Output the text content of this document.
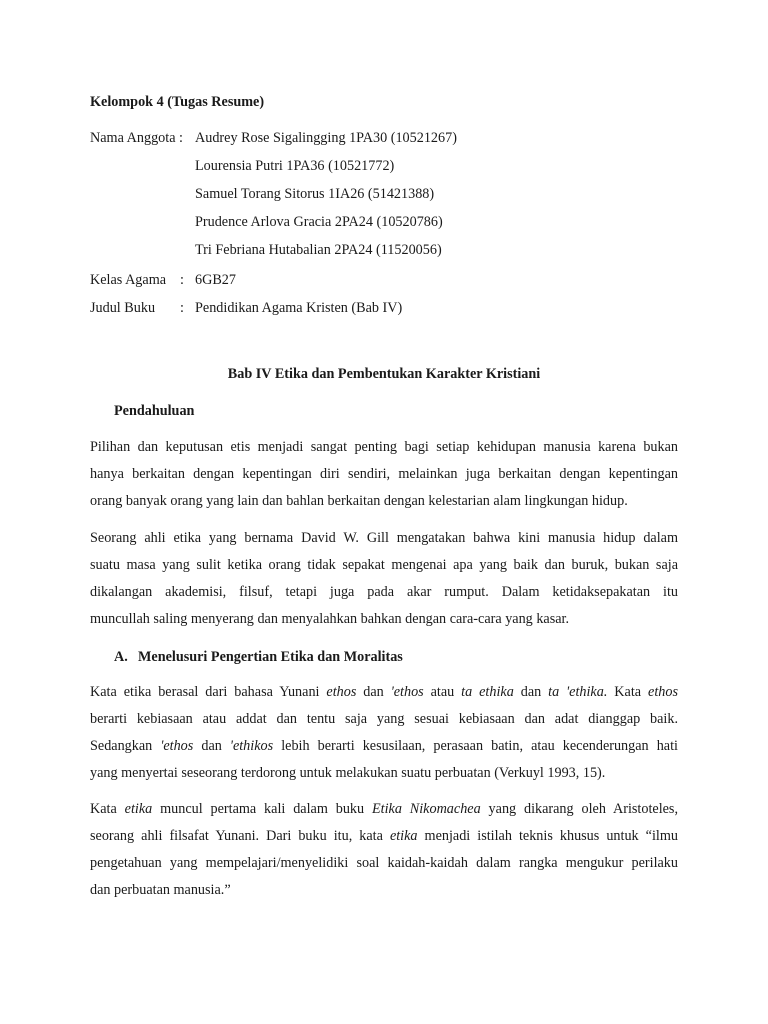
Kelompok 4 (Tugas Resume)
Nama Anggota : Audrey Rose Sigalingging 1PA30 (10521267)
Lourensia Putri 1PA36 (10521772)
Samuel Torang Sitorus 1IA26 (51421388)
Prudence Arlova Gracia 2PA24 (10520786)
Tri Febriana Hutabalian 2PA24 (11520056)
Kelas Agama : 6GB27
Judul Buku : Pendidikan Agama Kristen (Bab IV)
Bab IV Etika dan Pembentukan Karakter Kristiani
Pendahuluan
Pilihan dan keputusan etis menjadi sangat penting bagi setiap kehidupan manusia karena bukan
hanya berkaitan dengan kepentingan diri sendiri, melainkan juga berkaitan dengan kepentingan
orang banyak orang yang lain dan bahlan berkaitan dengan kelestarian alam lingkungan hidup.
Seorang ahli etika yang bernama David W. Gill mengatakan bahwa kini manusia hidup dalam
suatu masa yang sulit ketika orang tidak sepakat mengenai apa yang baik dan buruk, bukan saja
dikalangan akademisi, filsuf, tetapi juga pada akar rumput. Dalam ketidaksepakatan itu
muncullah saling menyerang dan menyalahkan bahkan dengan cara-cara yang kasar.
A. Menelusuri Pengertian Etika dan Moralitas
Kata etika berasal dari bahasa Yunani ethos dan 'ethos atau ta ethika dan ta 'ethika. Kata ethos
berarti kebiasaan atau addat dan tentu saja yang sesuai kebiasaan dan adat dianggap baik.
Sedangkan 'ethos dan 'ethikos lebih berarti kesusilaan, perasaan batin, atau kecenderungan hati
yang menyertai seseorang terdorong untuk melakukan suatu perbuatan (Verkuyl 1993, 15).
Kata etika muncul pertama kali dalam buku Etika Nikomachea yang dikarang oleh Aristoteles,
seorang ahli filsafat Yunani. Dari buku itu, kata etika menjadi istilah teknis khusus untuk “ilmu
pengetahuan yang mempelajari/menyelidiki soal kaidah-kaidah dalam rangka mengukur perilaku
dan perbuatan manusia.”
